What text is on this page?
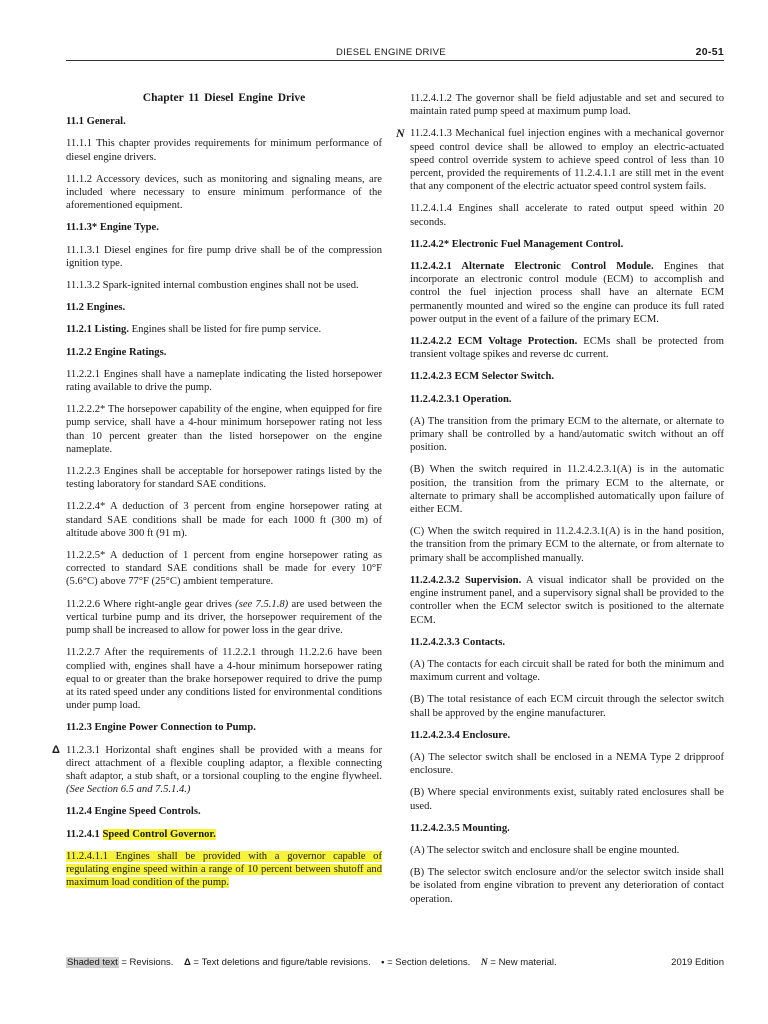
DIESEL ENGINE DRIVE	20-51

Chapter 11 Diesel Engine Drive

11.1 General.

11.1.1 This chapter provides requirements for minimum performance of diesel engine drivers.

11.1.2 Accessory devices, such as monitoring and signaling means, are included where necessary to ensure minimum performance of the aforementioned equipment.

11.1.3* Engine Type.

11.1.3.1 Diesel engines for fire pump drive shall be of the compression ignition type.

11.1.3.2 Spark-ignited internal combustion engines shall not be used.

11.2 Engines.

11.2.1 Listing. Engines shall be listed for fire pump service.

11.2.2 Engine Ratings.

11.2.2.1 Engines shall have a nameplate indicating the listed horsepower rating available to drive the pump.

11.2.2.2* The horsepower capability of the engine, when equipped for fire pump service, shall have a 4-hour minimum horsepower rating not less than 10 percent greater than the listed horsepower on the engine nameplate.

11.2.2.3 Engines shall be acceptable for horsepower ratings listed by the testing laboratory for standard SAE conditions.

11.2.2.4* A deduction of 3 percent from engine horsepower rating at standard SAE conditions shall be made for each 1000 ft (300 m) of altitude above 300 ft (91 m).

11.2.2.5* A deduction of 1 percent from engine horsepower rating as corrected to standard SAE conditions shall be made for every 10°F (5.6°C) above 77°F (25°C) ambient temperature.

11.2.2.6 Where right-angle gear drives (see 7.5.1.8) are used between the vertical turbine pump and its driver, the horsepower requirement of the pump shall be increased to allow for power loss in the gear drive.

11.2.2.7 After the requirements of 11.2.2.1 through 11.2.2.6 have been complied with, engines shall have a 4-hour minimum horsepower rating equal to or greater than the brake horsepower required to drive the pump at its rated speed under any conditions listed for environmental conditions under pump load.

11.2.3 Engine Power Connection to Pump.

Δ 11.2.3.1 Horizontal shaft engines shall be provided with a means for direct attachment of a flexible coupling adaptor, a flexible connecting shaft adaptor, a stub shaft, or a torsional coupling to the engine flywheel. (See Section 6.5 and 7.5.1.4.)

11.2.4 Engine Speed Controls.

11.2.4.1 Speed Control Governor.

11.2.4.1.1 Engines shall be provided with a governor capable of regulating engine speed within a range of 10 percent between shutoff and maximum load condition of the pump.

11.2.4.1.2 The governor shall be field adjustable and set and secured to maintain rated pump speed at maximum pump load.

N 11.2.4.1.3 Mechanical fuel injection engines with a mechanical governor speed control device shall be allowed to employ an electric-actuated speed control override system to achieve speed control of less than 10 percent, provided the requirements of 11.2.4.1.1 are still met in the event that any component of the electric actuator speed control system fails.

11.2.4.1.4 Engines shall accelerate to rated output speed within 20 seconds.

11.2.4.2* Electronic Fuel Management Control.

11.2.4.2.1 Alternate Electronic Control Module. Engines that incorporate an electronic control module (ECM) to accomplish and control the fuel injection process shall have an alternate ECM permanently mounted and wired so the engine can produce its full rated power output in the event of a failure of the primary ECM.

11.2.4.2.2 ECM Voltage Protection. ECMs shall be protected from transient voltage spikes and reverse dc current.

11.2.4.2.3 ECM Selector Switch.

11.2.4.2.3.1 Operation.

(A) The transition from the primary ECM to the alternate, or alternate to primary shall be controlled by a hand/automatic switch without an off position.

(B) When the switch required in 11.2.4.2.3.1(A) is in the automatic position, the transition from the primary ECM to the alternate, or alternate to primary shall be accomplished automatically upon failure of either ECM.

(C) When the switch required in 11.2.4.2.3.1(A) is in the hand position, the transition from the primary ECM to the alternate, or from alternate to primary shall be accomplished manually.

11.2.4.2.3.2 Supervision. A visual indicator shall be provided on the engine instrument panel, and a supervisory signal shall be provided to the controller when the ECM selector switch is positioned to the alternate ECM.

11.2.4.2.3.3 Contacts.

(A) The contacts for each circuit shall be rated for both the minimum and maximum current and voltage.

(B) The total resistance of each ECM circuit through the selector switch shall be approved by the engine manufacturer.

11.2.4.2.3.4 Enclosure.

(A) The selector switch shall be enclosed in a NEMA Type 2 dripproof enclosure.

(B) Where special environments exist, suitably rated enclosures shall be used.

11.2.4.2.3.5 Mounting.

(A) The selector switch and enclosure shall be engine mounted.

(B) The selector switch enclosure and/or the selector switch inside shall be isolated from engine vibration to prevent any deterioration of contact operation.

Shaded text = Revisions. Δ = Text deletions and figure/table revisions. • = Section deletions. N = New material.	2019 Edition
